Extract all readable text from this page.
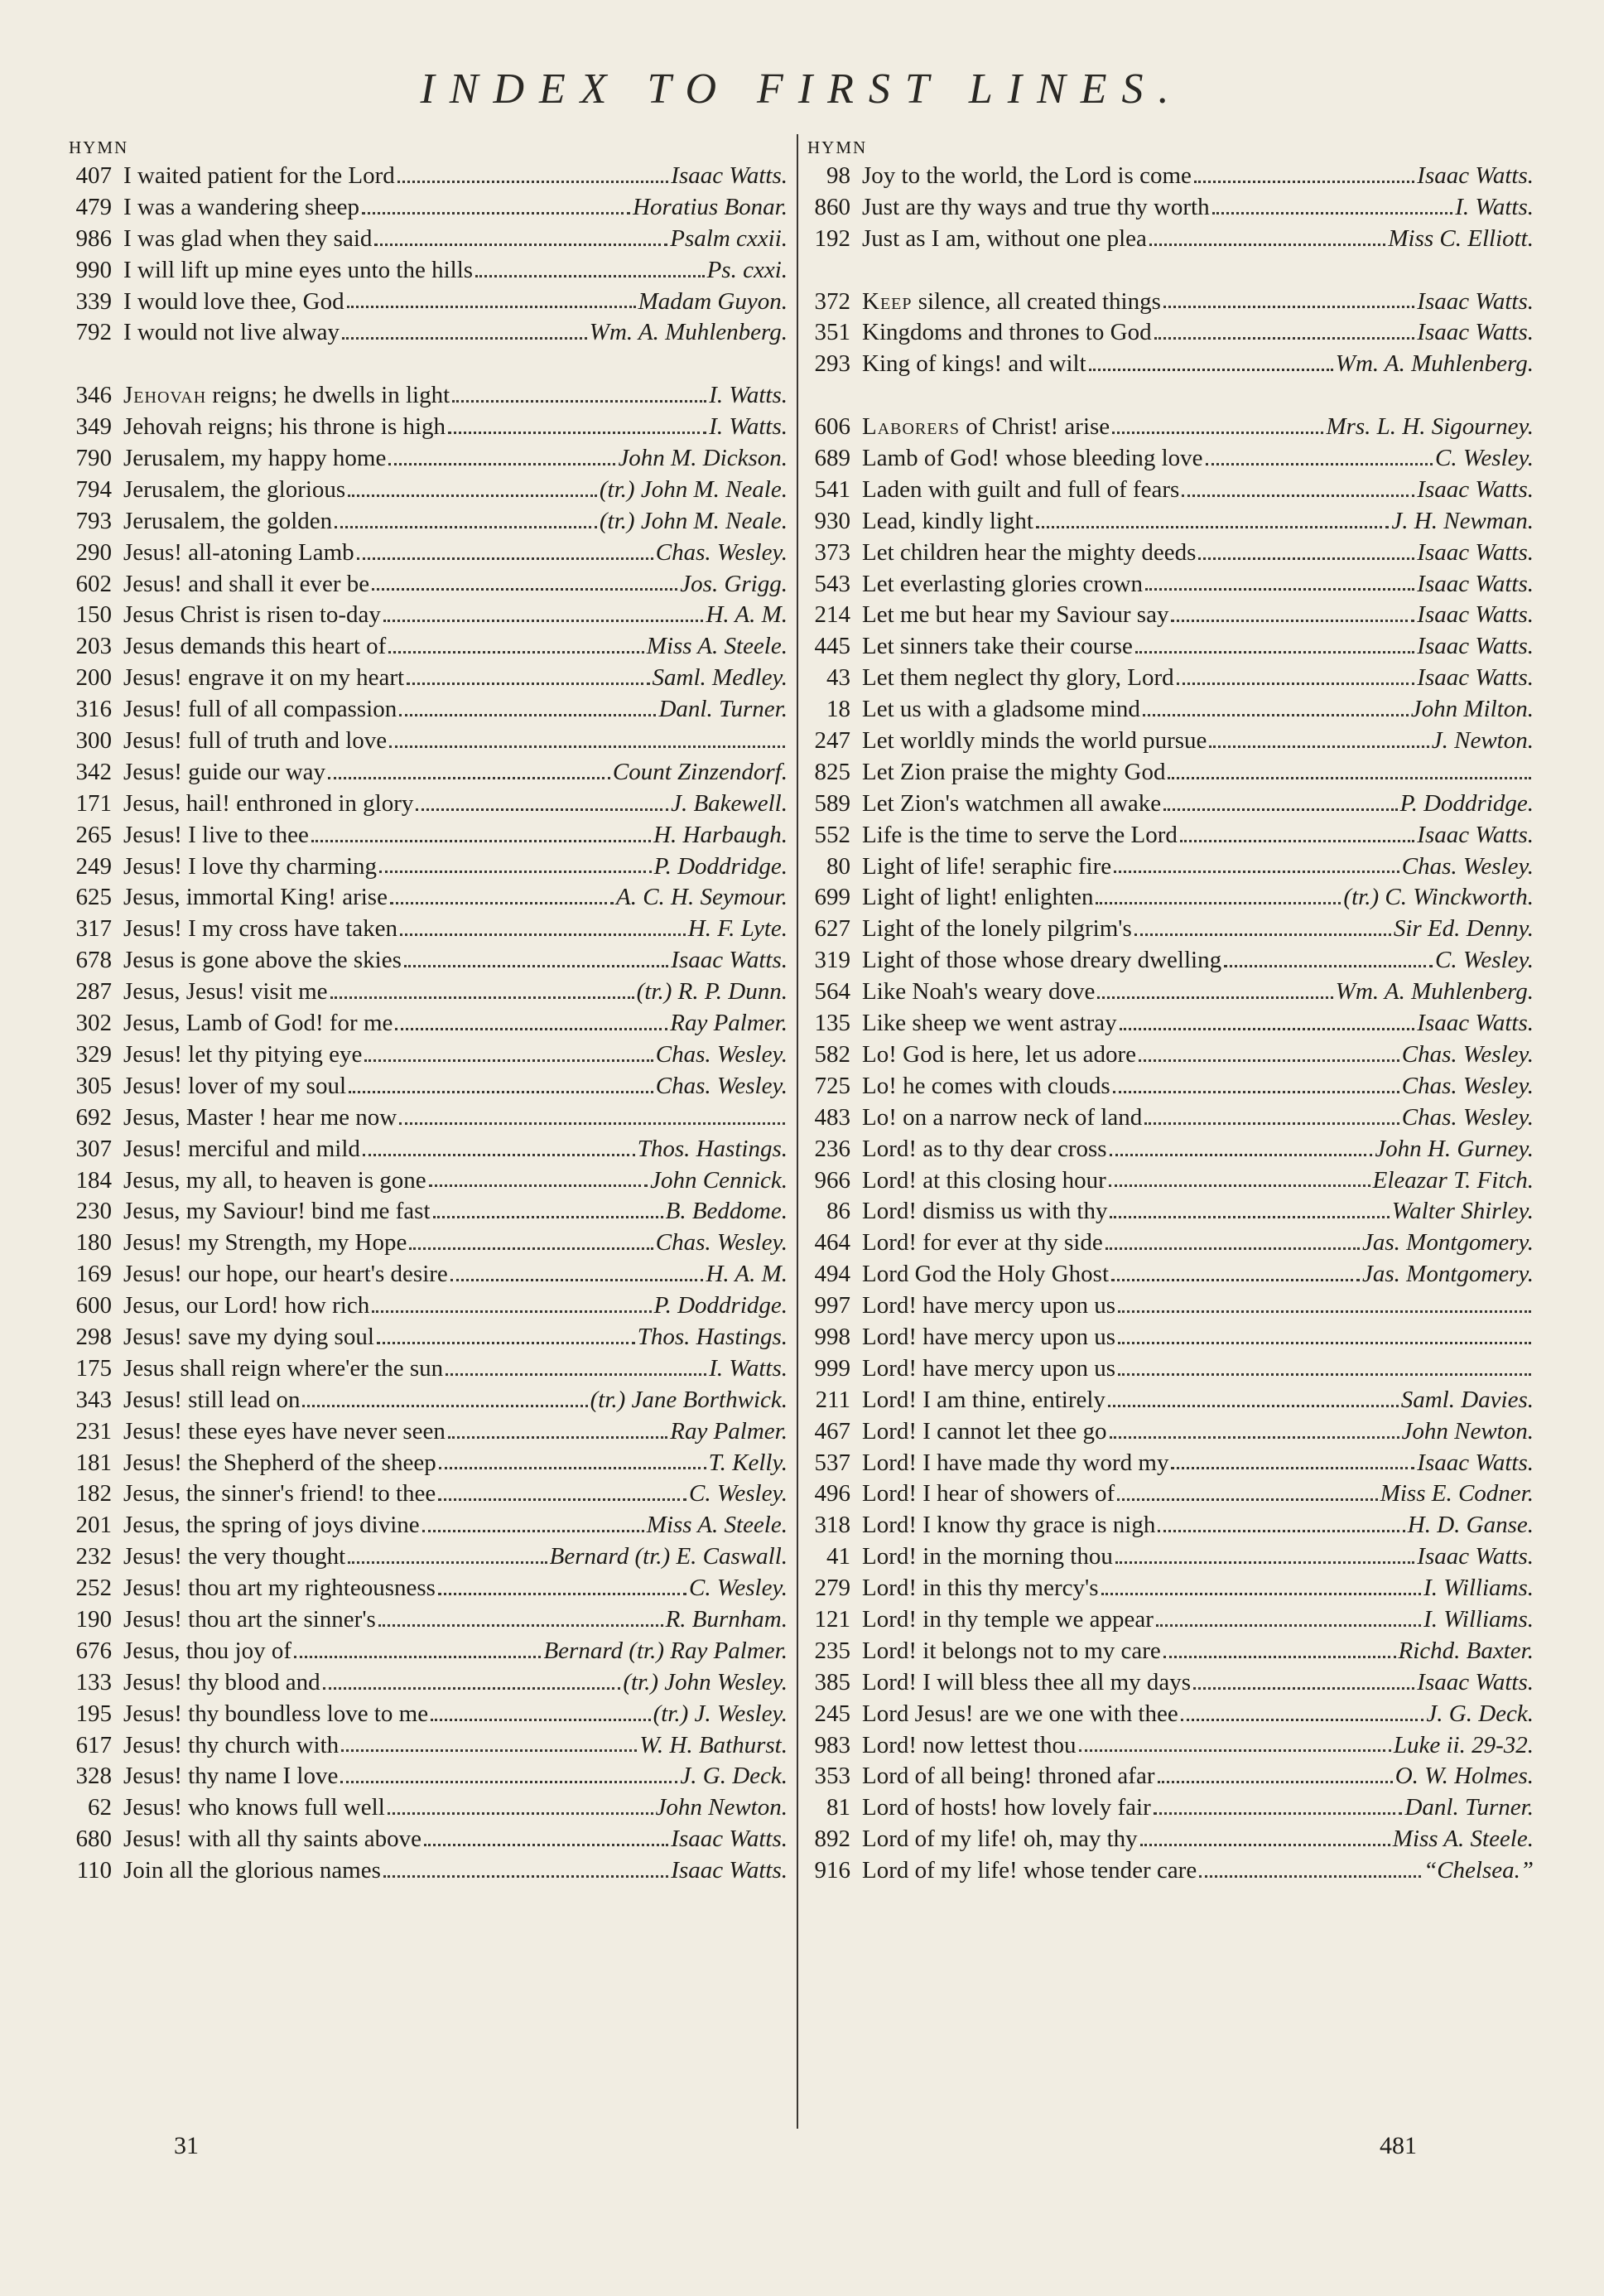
INDEX TO FIRST LINES.
HYMN
407 I waited patient for the Lord	Isaac Watts.
479 I was a wandering sheep	Horatius Bonar.
986 I was glad when they said	Psalm cxxii.
990 I will lift up mine eyes unto the hills	Ps. cxxi.
339 I would love thee, God	Madam Guyon.
792 I would not live alway	Wm. A. Muhlenberg.
346 Jehovah reigns; he dwells in light	I. Watts.
349 Jehovah reigns; his throne is high	I. Watts.
790 Jerusalem, my happy home	John M. Dickson.
794 Jerusalem, the glorious	(tr.) John M. Neale.
793 Jerusalem, the golden	(tr.) John M. Neale.
290 Jesus! all-atoning Lamb	Chas. Wesley.
602 Jesus! and shall it ever be	Jos. Grigg.
150 Jesus Christ is risen to-day	H. A. M.
203 Jesus demands this heart of	Miss A. Steele.
200 Jesus! engrave it on my heart	Saml. Medley.
316 Jesus! full of all compassion	Danl. Turner.
300 Jesus! full of truth and love
342 Jesus! guide our way	Count Zinzendorf.
171 Jesus, hail! enthroned in glory	J. Bakewell.
265 Jesus! I live to thee	H. Harbaugh.
249 Jesus! I love thy charming	P. Doddridge.
625 Jesus, immortal King! arise	A. C. H. Seymour.
317 Jesus! I my cross have taken	H. F. Lyte.
678 Jesus is gone above the skies	Isaac Watts.
287 Jesus, Jesus! visit me	(tr.) R. P. Dunn.
302 Jesus, Lamb of God! for me	Ray Palmer.
329 Jesus! let thy pitying eye	Chas. Wesley.
305 Jesus! lover of my soul	Chas. Wesley.
692 Jesus, Master ! hear me now
307 Jesus! merciful and mild	Thos. Hastings.
184 Jesus, my all, to heaven is gone	John Cennick.
230 Jesus, my Saviour! bind me fast	B. Beddome.
180 Jesus! my Strength, my Hope	Chas. Wesley.
169 Jesus! our hope, our heart's desire	H. A. M.
600 Jesus, our Lord! how rich	P. Doddridge.
298 Jesus! save my dying soul	Thos. Hastings.
175 Jesus shall reign where'er the sun	I. Watts.
343 Jesus! still lead on	(tr.) Jane Borthwick.
231 Jesus! these eyes have never seen	Ray Palmer.
181 Jesus! the Shepherd of the sheep	T. Kelly.
182 Jesus, the sinner's friend! to thee	C. Wesley.
201 Jesus, the spring of joys divine	Miss A. Steele.
232 Jesus! the very thought	Bernard (tr.) E. Caswall.
252 Jesus! thou art my righteousness	C. Wesley.
190 Jesus! thou art the sinner's	R. Burnham.
676 Jesus, thou joy of	Bernard (tr.) Ray Palmer.
133 Jesus! thy blood and	(tr.) John Wesley.
195 Jesus! thy boundless love to me	(tr.) J. Wesley.
617 Jesus! thy church with	W. H. Bathurst.
328 Jesus! thy name I love	J. G. Deck.
62 Jesus! who knows full well	John Newton.
680 Jesus! with all thy saints above	Isaac Watts.
110 Join all the glorious names	Isaac Watts.
HYMN
98 Joy to the world, the Lord is come	Isaac Watts.
860 Just are thy ways and true thy worth	I. Watts.
192 Just as I am, without one plea	Miss C. Elliott.
372 Keep silence, all created things	Isaac Watts.
351 Kingdoms and thrones to God	Isaac Watts.
293 King of kings! and wilt	Wm. A. Muhlenberg.
606 Laborers of Christ! arise	Mrs. L. H. Sigourney.
689 Lamb of God! whose bleeding love	C. Wesley.
541 Laden with guilt and full of fears	Isaac Watts.
930 Lead, kindly light	J. H. Newman.
373 Let children hear the mighty deeds	Isaac Watts.
543 Let everlasting glories crown	Isaac Watts.
214 Let me but hear my Saviour say	Isaac Watts.
445 Let sinners take their course	Isaac Watts.
43 Let them neglect thy glory, Lord	Isaac Watts.
18 Let us with a gladsome mind	John Milton.
247 Let worldly minds the world pursue	J. Newton.
825 Let Zion praise the mighty God
589 Let Zion's watchmen all awake	P. Doddridge.
552 Life is the time to serve the Lord	Isaac Watts.
80 Light of life! seraphic fire	Chas. Wesley.
699 Light of light! enlighten	(tr.) C. Winckworth.
627 Light of the lonely pilgrim's	Sir Ed. Denny.
319 Light of those whose dreary dwelling	C. Wesley.
564 Like Noah's weary dove	Wm. A. Muhlenberg.
135 Like sheep we went astray	Isaac Watts.
582 Lo! God is here, let us adore	Chas. Wesley.
725 Lo! he comes with clouds	Chas. Wesley.
483 Lo! on a narrow neck of land	Chas. Wesley.
236 Lord! as to thy dear cross	John H. Gurney.
966 Lord! at this closing hour	Eleazar T. Fitch.
86 Lord! dismiss us with thy	Walter Shirley.
464 Lord! for ever at thy side	Jas. Montgomery.
494 Lord God the Holy Ghost	Jas. Montgomery.
997 Lord! have mercy upon us
998 Lord! have mercy upon us
999 Lord! have mercy upon us
211 Lord! I am thine, entirely	Saml. Davies.
467 Lord! I cannot let thee go	John Newton.
537 Lord! I have made thy word my	Isaac Watts.
496 Lord! I hear of showers of	Miss E. Codner.
318 Lord! I know thy grace is nigh	H. D. Ganse.
41 Lord! in the morning thou	Isaac Watts.
279 Lord! in this thy mercy's	I. Williams.
121 Lord! in thy temple we appear	I. Williams.
235 Lord! it belongs not to my care	Richd. Baxter.
385 Lord! I will bless thee all my days	Isaac Watts.
245 Lord Jesus! are we one with thee	J. G. Deck.
983 Lord! now lettest thou	Luke ii. 29-32.
353 Lord of all being! throned afar	O. W. Holmes.
81 Lord of hosts! how lovely fair	Danl. Turner.
892 Lord of my life! oh, may thy	Miss A. Steele.
916 Lord of my life! whose tender care	“Chelsea.”
31	481
